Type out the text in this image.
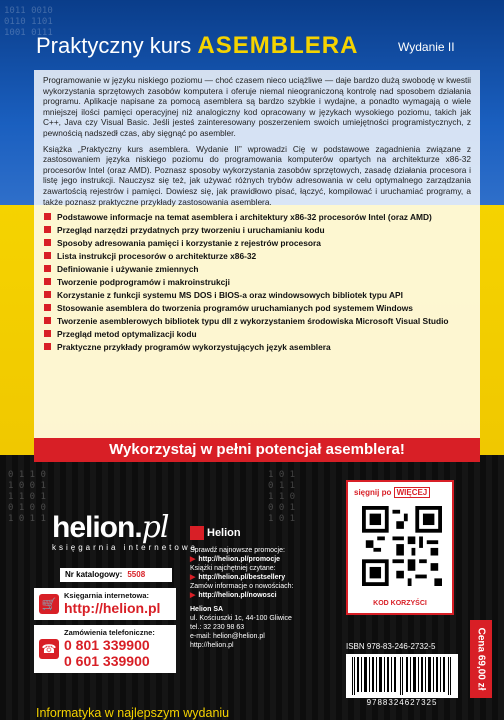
1011 0010
0110 1101
1001 0111
0 1 1 0
1 0 0 1
1 1 0 1
0 1 0 0
1 0 1 1
1 0 1
0 1 1
1 1 0
0 0 1
1 0 1
Praktyczny kurs ASEMBLERA	Wydanie II

Programowanie w języku niskiego poziomu — choć czasem nieco uciążliwe — daje bardzo dużą swobodę w kwestii wykorzystania sprzętowych zasobów komputera i oferuje niemal nieograniczoną kontrolę nad sposobem działania programu. Aplikacje napisane za pomocą asemblera są bardzo szybkie i wydajne, a ponadto wymagają o wiele mniejszej ilości pamięci operacyjnej niż analogiczny kod opracowany w językach wysokiego poziomu, takich jak C++, Java czy Visual Basic. Jeśli jesteś zainteresowany poszerzeniem swoich umiejętności programistycznych, z pewnością nadszedł czas, aby sięgnąć po asembler.

Książka „Praktyczny kurs asemblera. Wydanie II” wprowadzi Cię w podstawowe zagadnienia związane z zastosowaniem języka niskiego poziomu do programowania komputerów opartych na architekturze x86-32 procesorów Intel (oraz AMD). Poznasz sposoby wykorzystania zasobów sprzętowych, zasadę działania procesora i listę jego instrukcji. Nauczysz się też, jak używać różnych trybów adresowania w celu optymalnego zarządzania zawartością rejestrów i pamięci. Dowiesz się, jak prawidłowo pisać, łączyć, kompilować i uruchamiać programy, a także poznasz praktyczne przykłady zastosowania asemblera.

Podstawowe informacje na temat asemblera i architektury x86-32 procesorów Intel (oraz AMD)
Przegląd narzędzi przydatnych przy tworzeniu i uruchamianiu kodu
Sposoby adresowania pamięci i korzystanie z rejestrów procesora
Lista instrukcji procesorów o architekturze x86-32
Definiowanie i używanie zmiennych
Tworzenie podprogramów i makroinstrukcji
Korzystanie z funkcji systemu MS DOS i BIOS-a oraz windowsowych bibliotek typu API
Stosowanie asemblera do tworzenia programów uruchamianych pod systemem Windows
Tworzenie asemblerowych bibliotek typu dll z wykorzystaniem środowiska Microsoft Visual Studio
Przegląd metod optymalizacji kodu
Praktyczne przykłady programów wykorzystujących język asemblera
Wykorzystaj w pełni potencjał asemblera!
helion.pl
księgarnia internetowa
Nr katalogowy: 5508
🛒
Księgarnia internetowa:
http://helion.pl
☎
Zamówienia telefoniczne:
0 801 339900
0 601 339900
Helion
Sprawdź najnowsze promocje:
▶ http://helion.pl/promocje
Książki najchętniej czytane:
▶ http://helion.pl/bestsellery
Zamów informacje o nowościach:
▶ http://helion.pl/nowosci
Helion SA
ul. Kościuszki 1c, 44-100 Gliwice
tel.: 32 230 98 63
e-mail: helion@helion.pl
http://helion.pl
sięgnij po WIĘCEJ
KOD KORZYŚCI
ISBN 978-83-246-2732-5
9788324627325
Cena 69,00 zł
Informatyka w najlepszym wydaniu
